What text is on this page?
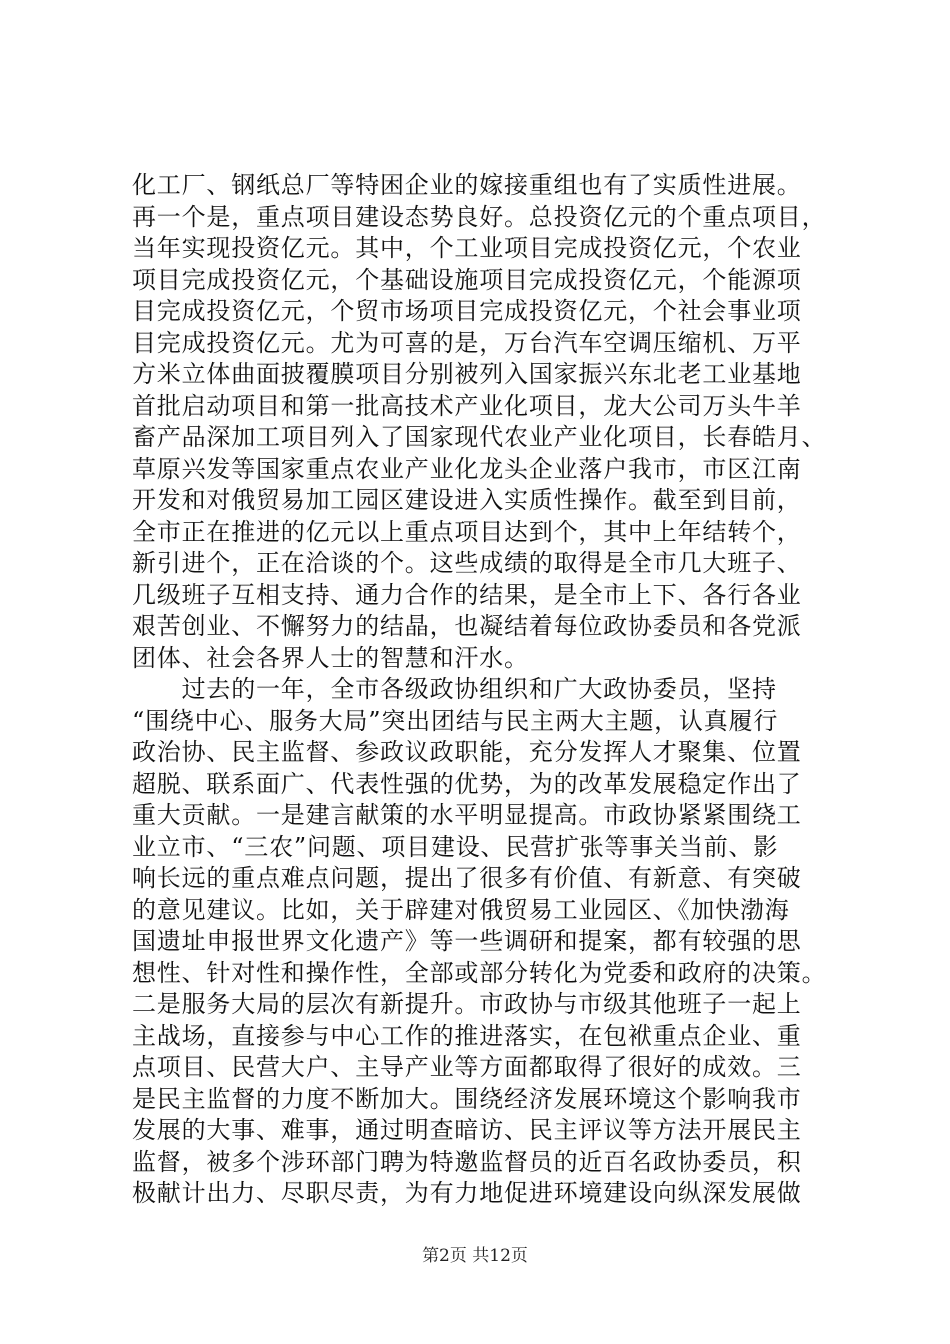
化工厂、钢纸总厂等特困企业的嫁接重组也有了实质性进展。
再一个是，重点项目建设态势良好。总投资亿元的个重点项目，
当年实现投资亿元。其中，个工业项目完成投资亿元，个农业
项目完成投资亿元，个基础设施项目完成投资亿元，个能源项
目完成投资亿元，个贸市场项目完成投资亿元，个社会事业项
目完成投资亿元。尤为可喜的是，万台汽车空调压缩机、万平
方米立体曲面披覆膜项目分别被列入国家振兴东北老工业基地
首批启动项目和第一批高技术产业化项目，龙大公司万头牛羊
畜产品深加工项目列入了国家现代农业产业化项目，长春皓月、
草原兴发等国家重点农业产业化龙头企业落户我市，市区江南
开发和对俄贸易加工园区建设进入实质性操作。截至到目前，
全市正在推进的亿元以上重点项目达到个，其中上年结转个，
新引进个，正在洽谈的个。这些成绩的取得是全市几大班子、
几级班子互相支持、通力合作的结果，是全市上下、各行各业
艰苦创业、不懈努力的结晶，也凝结着每位政协委员和各党派
团体、社会各界人士的智慧和汗水。
　　过去的一年，全市各级政协组织和广大政协委员，坚持
“围绕中心、服务大局”突出团结与民主两大主题，认真履行
政治协、民主监督、参政议政职能，充分发挥人才聚集、位置
超脱、联系面广、代表性强的优势，为的改革发展稳定作出了
重大贡献。一是建言献策的水平明显提高。市政协紧紧围绕工
业立市、“三农”问题、项目建设、民营扩张等事关当前、影
响长远的重点难点问题，提出了很多有价值、有新意、有突破
的意见建议。比如，关于辟建对俄贸易工业园区、《加快渤海
国遗址申报世界文化遗产》等一些调研和提案，都有较强的思
想性、针对性和操作性，全部或部分转化为党委和政府的决策。
二是服务大局的层次有新提升。市政协与市级其他班子一起上
主战场，直接参与中心工作的推进落实，在包袱重点企业、重
点项目、民营大户、主导产业等方面都取得了很好的成效。三
是民主监督的力度不断加大。围绕经济发展环境这个影响我市
发展的大事、难事，通过明查暗访、民主评议等方法开展民主
监督，被多个涉环部门聘为特邀监督员的近百名政协委员，积
极献计出力、尽职尽责，为有力地促进环境建设向纵深发展做
第2页 共12页
